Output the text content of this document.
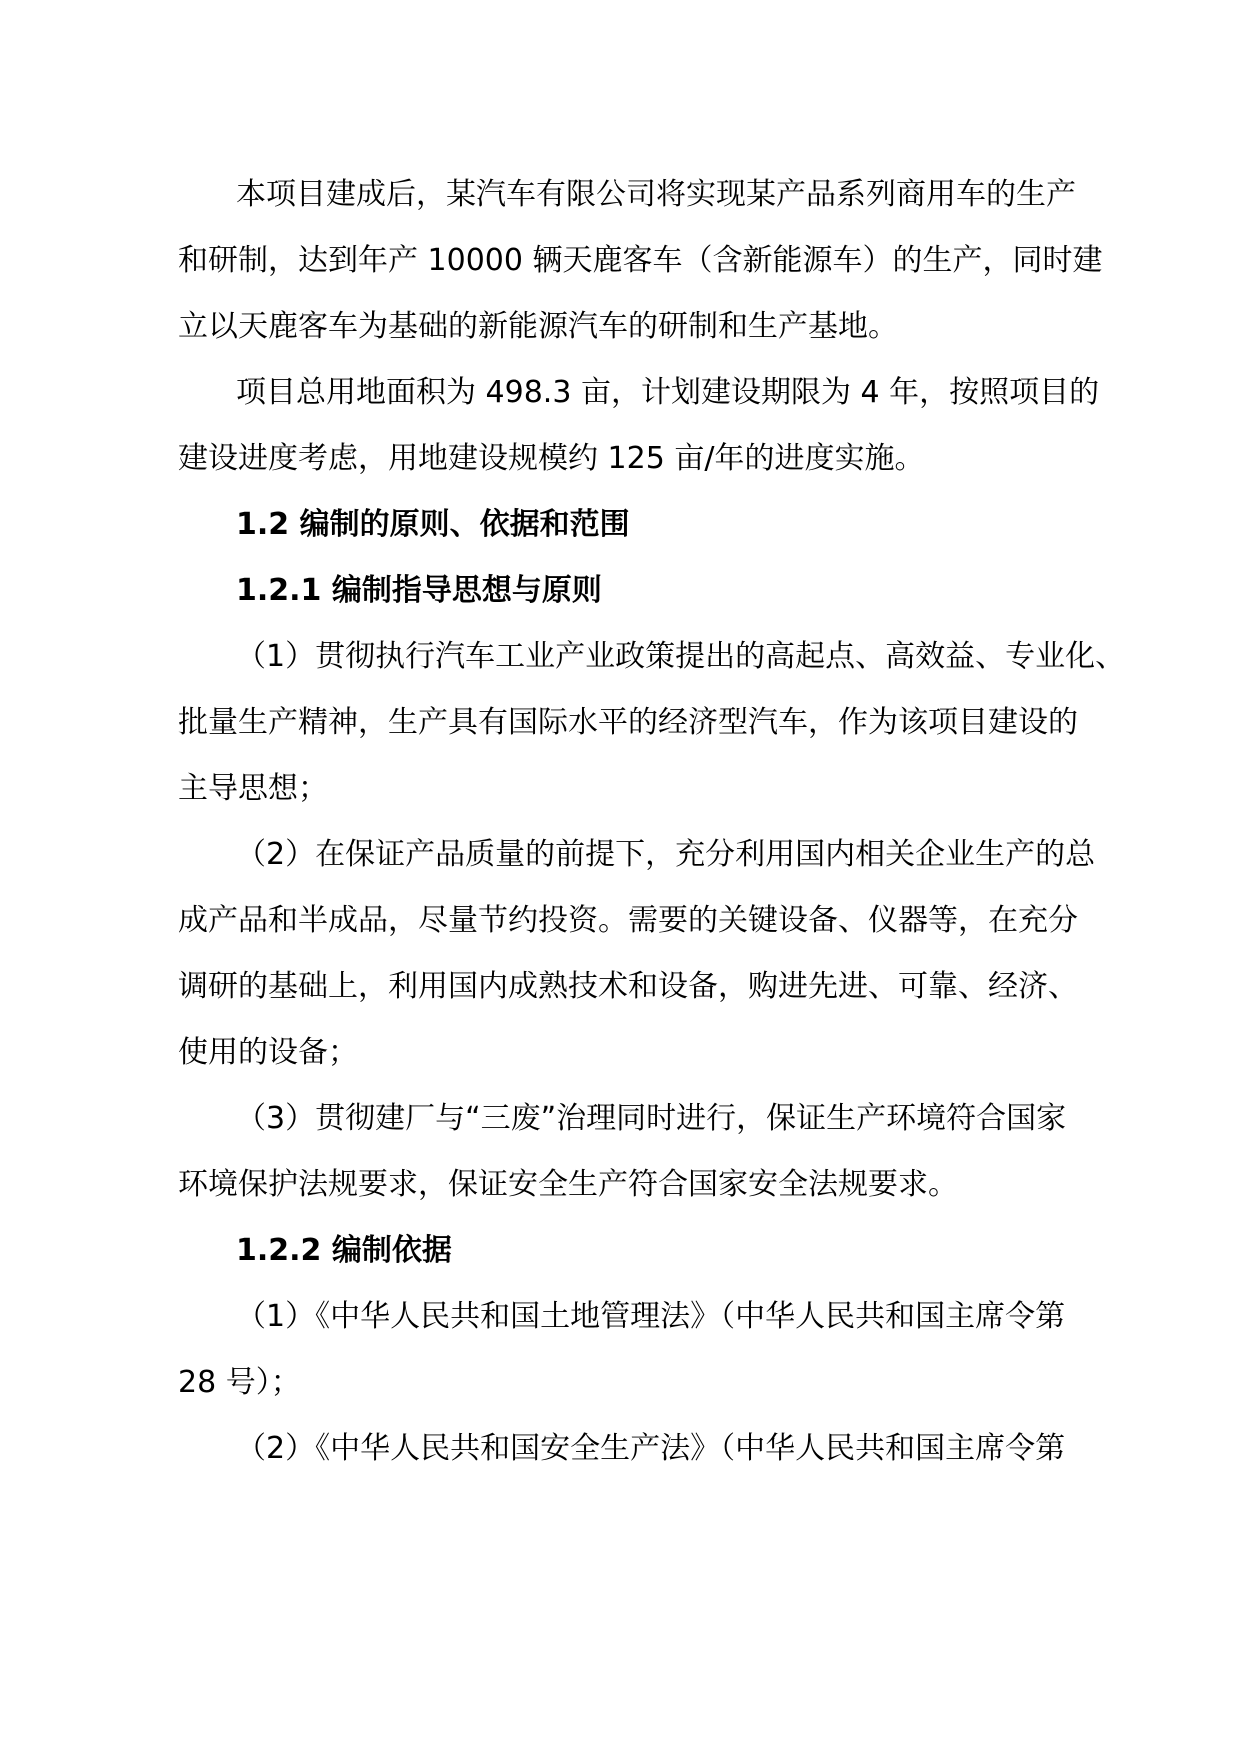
本项目建成后，某汽车有限公司将实现某产品系列商用车的生产

和研制，达到年产 10000 辆天鹿客车（含新能源车）的生产，同时建

立以天鹿客车为基础的新能源汽车的研制和生产基地。

项目总用地面积为 498.3 亩，计划建设期限为 4 年，按照项目的

建设进度考虑，用地建设规模约 125 亩/年的进度实施。

1.2 编制的原则、依据和范围

1.2.1 编制指导思想与原则

（1）贯彻执行汽车工业产业政策提出的高起点、高效益、专业化、

批量生产精神，生产具有国际水平的经济型汽车，作为该项目建设的

主导思想；

（2）在保证产品质量的前提下，充分利用国内相关企业生产的总

成产品和半成品，尽量节约投资。需要的关键设备、仪器等，在充分

调研的基础上，利用国内成熟技术和设备，购进先进、可靠、经济、

使用的设备；

（3）贯彻建厂与“三废”治理同时进行，保证生产环境符合国家

环境保护法规要求，保证安全生产符合国家安全法规要求。

1.2.2 编制依据

（1）《中华人民共和国土地管理法》（中华人民共和国主席令第

28 号）；

（2）《中华人民共和国安全生产法》（中华人民共和国主席令第
